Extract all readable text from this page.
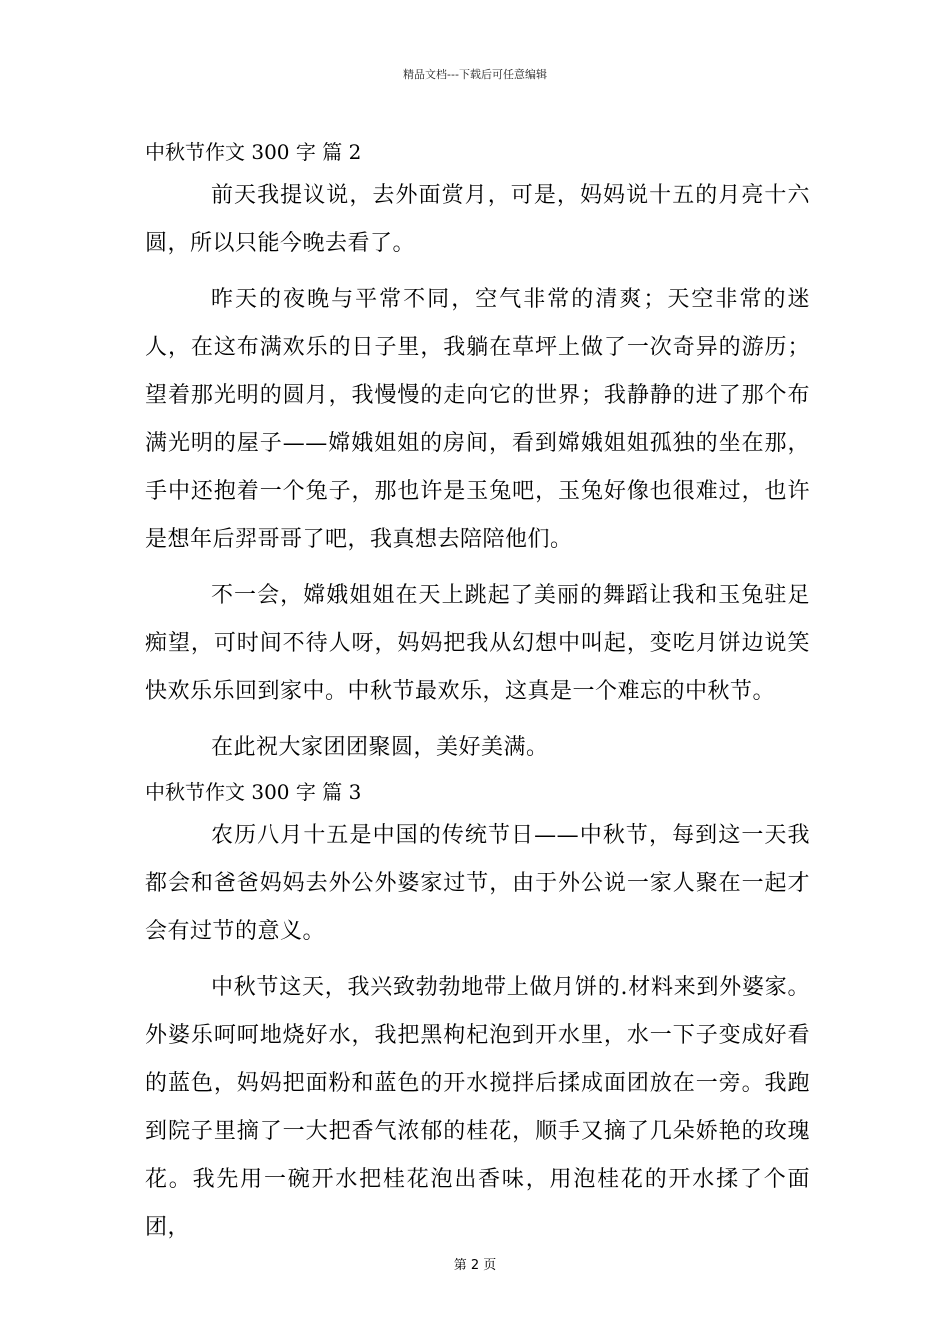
精品文档---下载后可任意编辑
中秋节作文 300 字 篇 2

前天我提议说，去外面赏月，可是，妈妈说十五的月亮十六圆，所以只能今晚去看了。

昨天的夜晚与平常不同，空气非常的清爽；天空非常的迷人，在这布满欢乐的日子里，我躺在草坪上做了一次奇异的游历；望着那光明的圆月，我慢慢的走向它的世界；我静静的进了那个布满光明的屋子——嫦娥姐姐的房间，看到嫦娥姐姐孤独的坐在那，手中还抱着一个兔子，那也许是玉兔吧，玉兔好像也很难过，也许是想年后羿哥哥了吧，我真想去陪陪他们。

不一会，嫦娥姐姐在天上跳起了美丽的舞蹈让我和玉兔驻足痴望，可时间不待人呀，妈妈把我从幻想中叫起，变吃月饼边说笑快欢乐乐回到家中。中秋节最欢乐，这真是一个难忘的中秋节。

在此祝大家团团聚圆，美好美满。

中秋节作文 300 字 篇 3

农历八月十五是中国的传统节日——中秋节，每到这一天我都会和爸爸妈妈去外公外婆家过节，由于外公说一家人聚在一起才会有过节的意义。

中秋节这天，我兴致勃勃地带上做月饼的.材料来到外婆家。外婆乐呵呵地烧好水，我把黑枸杞泡到开水里，水一下子变成好看的蓝色，妈妈把面粉和蓝色的开水搅拌后揉成面团放在一旁。我跑到院子里摘了一大把香气浓郁的桂花，顺手又摘了几朵娇艳的玫瑰花。我先用一碗开水把桂花泡出香味，用泡桂花的开水揉了个面团，

第 2 页
